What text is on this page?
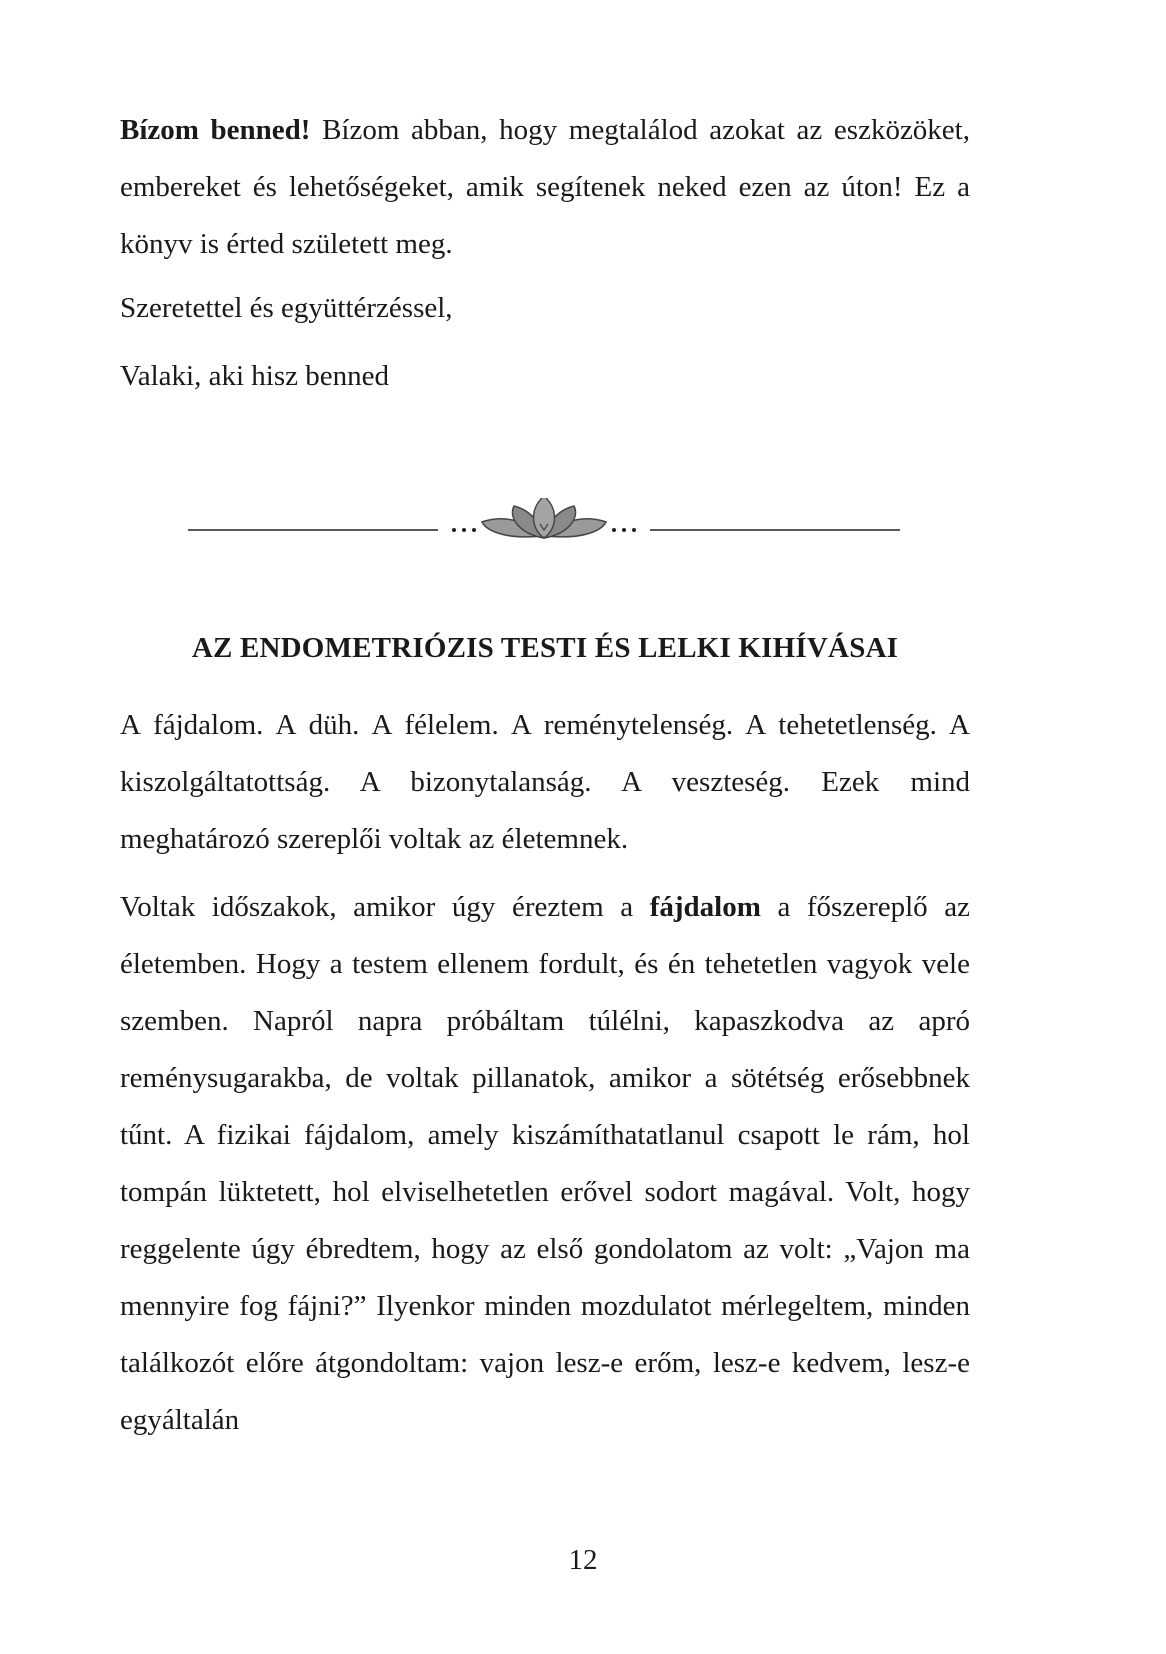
Bízom benned! Bízom abban, hogy megtalálod azokat az eszközöket, embereket és lehetőségeket, amik segítenek neked ezen az úton! Ez a könyv is érted született meg.

Szeretettel és együttérzéssel,

Valaki, aki hisz benned

AZ ENDOMETRIÓZIS TESTI ÉS LELKI KIHÍVÁSAI

A fájdalom. A düh. A félelem. A reménytelenség. A tehetetlenség. A kiszolgáltatottság. A bizonytalanság. A veszteség. Ezek mind meghatározó szereplői voltak az életemnek.

Voltak időszakok, amikor úgy éreztem a fájdalom a főszereplő az életemben. Hogy a testem ellenem fordult, és én tehetetlen vagyok vele szemben. Napról napra próbáltam túlélni, kapaszkodva az apró reménysugarakba, de voltak pillanatok, amikor a sötétség erősebbnek tűnt. A fizikai fájdalom, amely kiszámíthatatlanul csapott le rám, hol tompán lüktetett, hol elviselhetetlen erővel sodort magával. Volt, hogy reggelente úgy ébredtem, hogy az első gondolatom az volt: „Vajon ma mennyire fog fájni?” Ilyenkor minden mozdulatot mérlegeltem, minden találkozót előre átgondoltam: vajon lesz-e erőm, lesz-e kedvem, lesz-e egyáltalán

12
